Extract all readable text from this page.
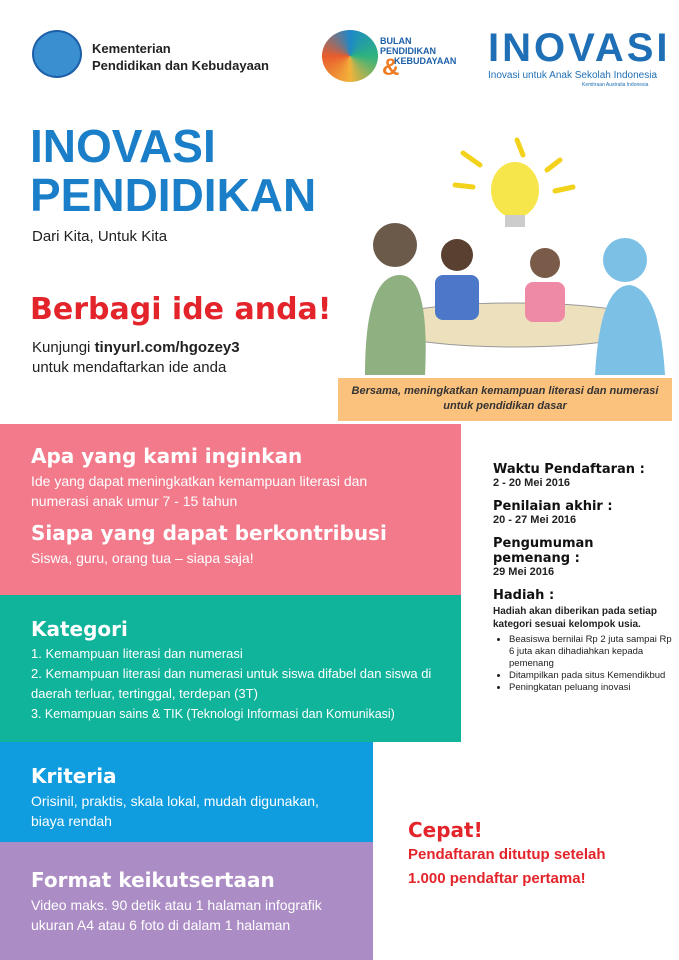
Kementerian
Pendidikan dan Kebudayaan
BULAN
PENDIDIKAN
KEBUDAYAAN
& INOVASI
Inovasi untuk Anak Sekolah Indonesia
Kemitraan Australia Indonesia
INOVASI
PENDIDIKAN
Dari Kita, Untuk Kita
Berbagi ide anda!
Kunjungi tinyurl.com/hgozey3
untuk mendaftarkan ide anda
Bersama, meningkatkan kemampuan literasi dan numerasi untuk pendidikan dasar
Apa yang kami inginkan

Ide yang dapat meningkatkan kemampuan literasi dan numerasi anak umur 7 - 15 tahun

Siapa yang dapat berkontribusi

Siswa, guru, orang tua – siapa saja!

Kategori

1. Kemampuan literasi dan numerasi

2. Kemampuan literasi dan numerasi untuk siswa difabel dan siswa di daerah terluar, tertinggal, terdepan (3T)

3. Kemampuan sains & TIK (Teknologi Informasi dan Komunikasi)

Kriteria

Orisinil, praktis, skala lokal, mudah digunakan, biaya rendah

Format keikutsertaan

Video maks. 90 detik atau 1 halaman infografik ukuran A4 atau 6 foto di dalam 1 halaman

Waktu Pendaftaran :
2 - 20 Mei 2016
Penilaian akhir :
20 - 27 Mei 2016
Pengumuman pemenang :
29 Mei 2016
Hadiah :
Hadiah akan diberikan pada setiap kategori sesuai kelompok usia.
• Beasiswa bernilai Rp 2 juta sampai Rp 6 juta akan dihadiahkan kepada pemenang
• Ditampilkan pada situs Kemendikbud
• Peningkatan peluang inovasi
Cepat!
Pendaftaran ditutup setelah
1.000 pendaftar pertama!
